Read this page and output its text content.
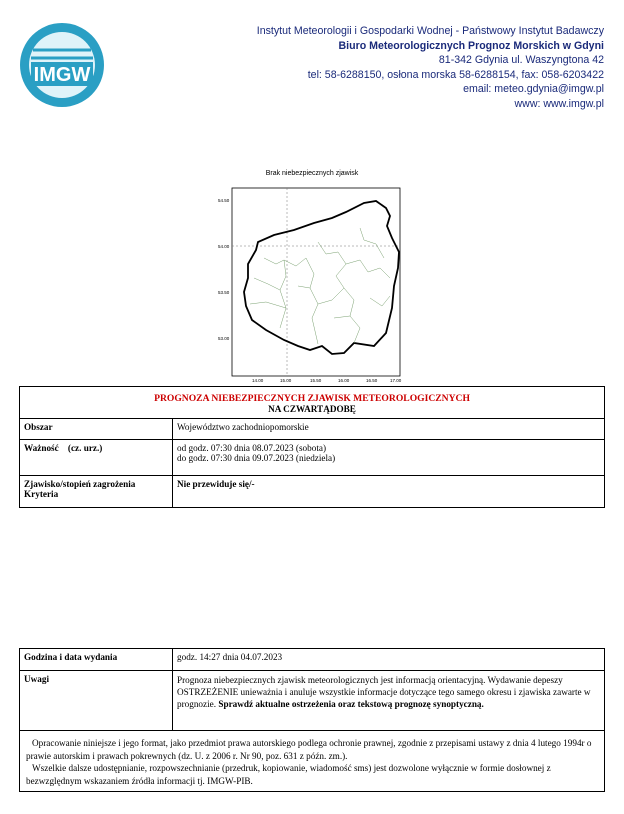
IMGW
Instytut Meteorologii i Gospodarki Wodnej - Państwowy Instytut Badawczy
Biuro Meteorologicznych Prognoz Morskich w Gdyni
81-342 Gdynia ul. Waszyngtona 42
tel: 58-6288150, osłona morska 58-6288154, fax: 058-6203422
email: meteo.gdynia@imgw.pl
www: www.imgw.pl
Brak niebezpiecznych zjawisk
54.50
54.00
53.50
53.00
14.00	15.00	15.50	16.00	16.50	17.00
PROGNOZA NIEBEZPIECZNYCH ZJAWISK METEOROLOGICZNYCH
NA CZWARTĄDOBĘ	

Obszar	Województwo zachodniopomorskie
Ważność    (cz. urz.)	od godz. 07:30 dnia 08.07.2023 (sobota)
do godz. 07:30 dnia 09.07.2023 (niedziela)

Zjawisko/stopień zagrożenia
Kryteria	Nie przewiduje się/-
Godzina i data wydania	godz. 14:27 dnia 04.07.2023
Uwagi	Prognoza niebezpiecznych zjawisk meteorologicznych jest informacją orientacyjną. Wydawanie depeszy OSTRZEŻENIE unieważnia i anuluje wszystkie informacje dotyczące tego samego okresu i zjawiska zawarte w prognozie. Sprawdź aktualne ostrzeżenia oraz tekstową prognozę synoptyczną.

Opracowanie niniejsze i jego format, jako przedmiot prawa autorskiego podlega ochronie prawnej, zgodnie z przepisami ustawy z dnia 4 lutego 1994r o prawie autorskim i prawach pokrewnych (dz. U. z 2006 r. Nr 90, poz. 631 z późn. zm.).
Wszelkie dalsze udostępnianie, rozpowszechnianie (przedruk, kopiowanie, wiadomość sms) jest dozwolone wyłącznie w formie dosłownej z bezwzględnym wskazaniem źródła informacji tj. IMGW-PIB.	
